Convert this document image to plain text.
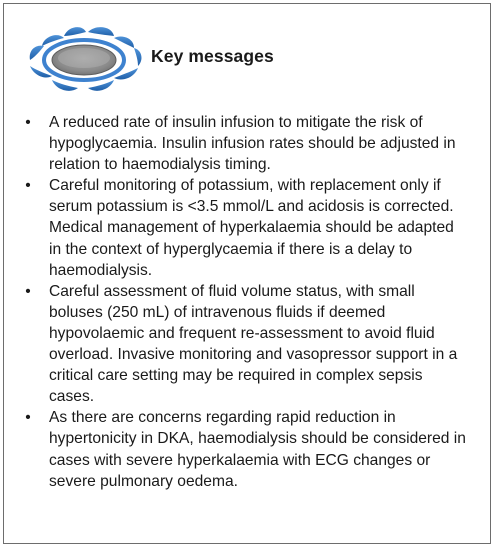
Key messages
• A reduced rate of insulin infusion to mitigate the risk of hypoglycaemia. Insulin infusion rates should be adjusted in relation to haemodialysis timing.
• Careful monitoring of potassium, with replacement only if serum potassium is <3.5 mmol/L and acidosis is corrected. Medical management of hyperkalaemia should be adapted in the context of hyperglycaemia if there is a delay to haemodialysis.
• Careful assessment of fluid volume status, with small boluses (250 mL) of intravenous fluids if deemed hypovolaemic and frequent re-assessment to avoid fluid overload. Invasive monitoring and vasopressor support in a critical care setting may be required in complex sepsis cases.
• As there are concerns regarding rapid reduction in hypertonicity in DKA, haemodialysis should be considered in cases with severe hyperkalaemia with ECG changes or severe pulmonary oedema.
